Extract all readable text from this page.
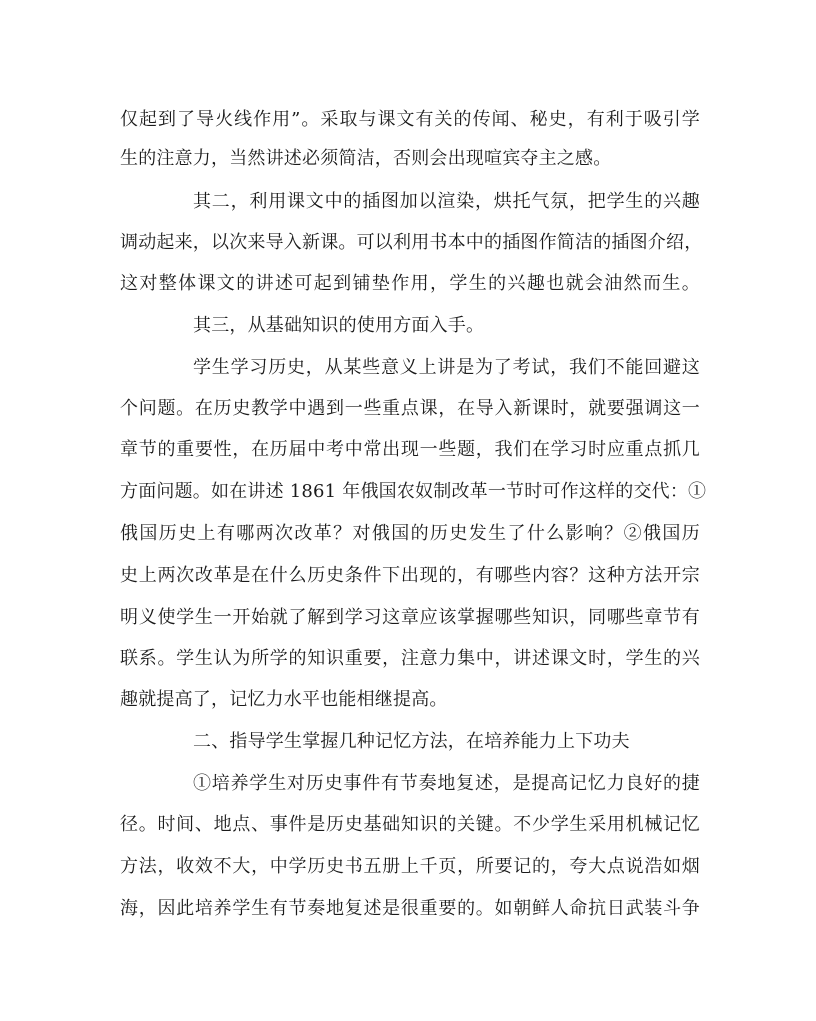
仅起到了导火线作用”。采取与课文有关的传闻、秘史，有利于吸引学
生的注意力，当然讲述必须简洁，否则会出现喧宾夺主之感。
其二，利用课文中的插图加以渲染，烘托气氛，把学生的兴趣
调动起来，以次来导入新课。可以利用书本中的插图作简洁的插图介绍，
这对整体课文的讲述可起到铺垫作用，学生的兴趣也就会油然而生。
其三，从基础知识的使用方面入手。
学生学习历史，从某些意义上讲是为了考试，我们不能回避这
个问题。在历史教学中遇到一些重点课，在导入新课时，就要强调这一
章节的重要性，在历届中考中常出现一些题，我们在学习时应重点抓几
方面问题。如在讲述 1861 年俄国农奴制改革一节时可作这样的交代：①
俄国历史上有哪两次改革？对俄国的历史发生了什么影响？②俄国历
史上两次改革是在什么历史条件下出现的，有哪些内容？这种方法开宗
明义使学生一开始就了解到学习这章应该掌握哪些知识，同哪些章节有
联系。学生认为所学的知识重要，注意力集中，讲述课文时，学生的兴
趣就提高了，记忆力水平也能相继提高。
二、指导学生掌握几种记忆方法，在培养能力上下功夫
①培养学生对历史事件有节奏地复述，是提高记忆力良好的捷
径。时间、地点、事件是历史基础知识的关键。不少学生采用机械记忆
方法，收效不大，中学历史书五册上千页，所要记的，夸大点说浩如烟
海，因此培养学生有节奏地复述是很重要的。如朝鲜人命抗日武装斗争
